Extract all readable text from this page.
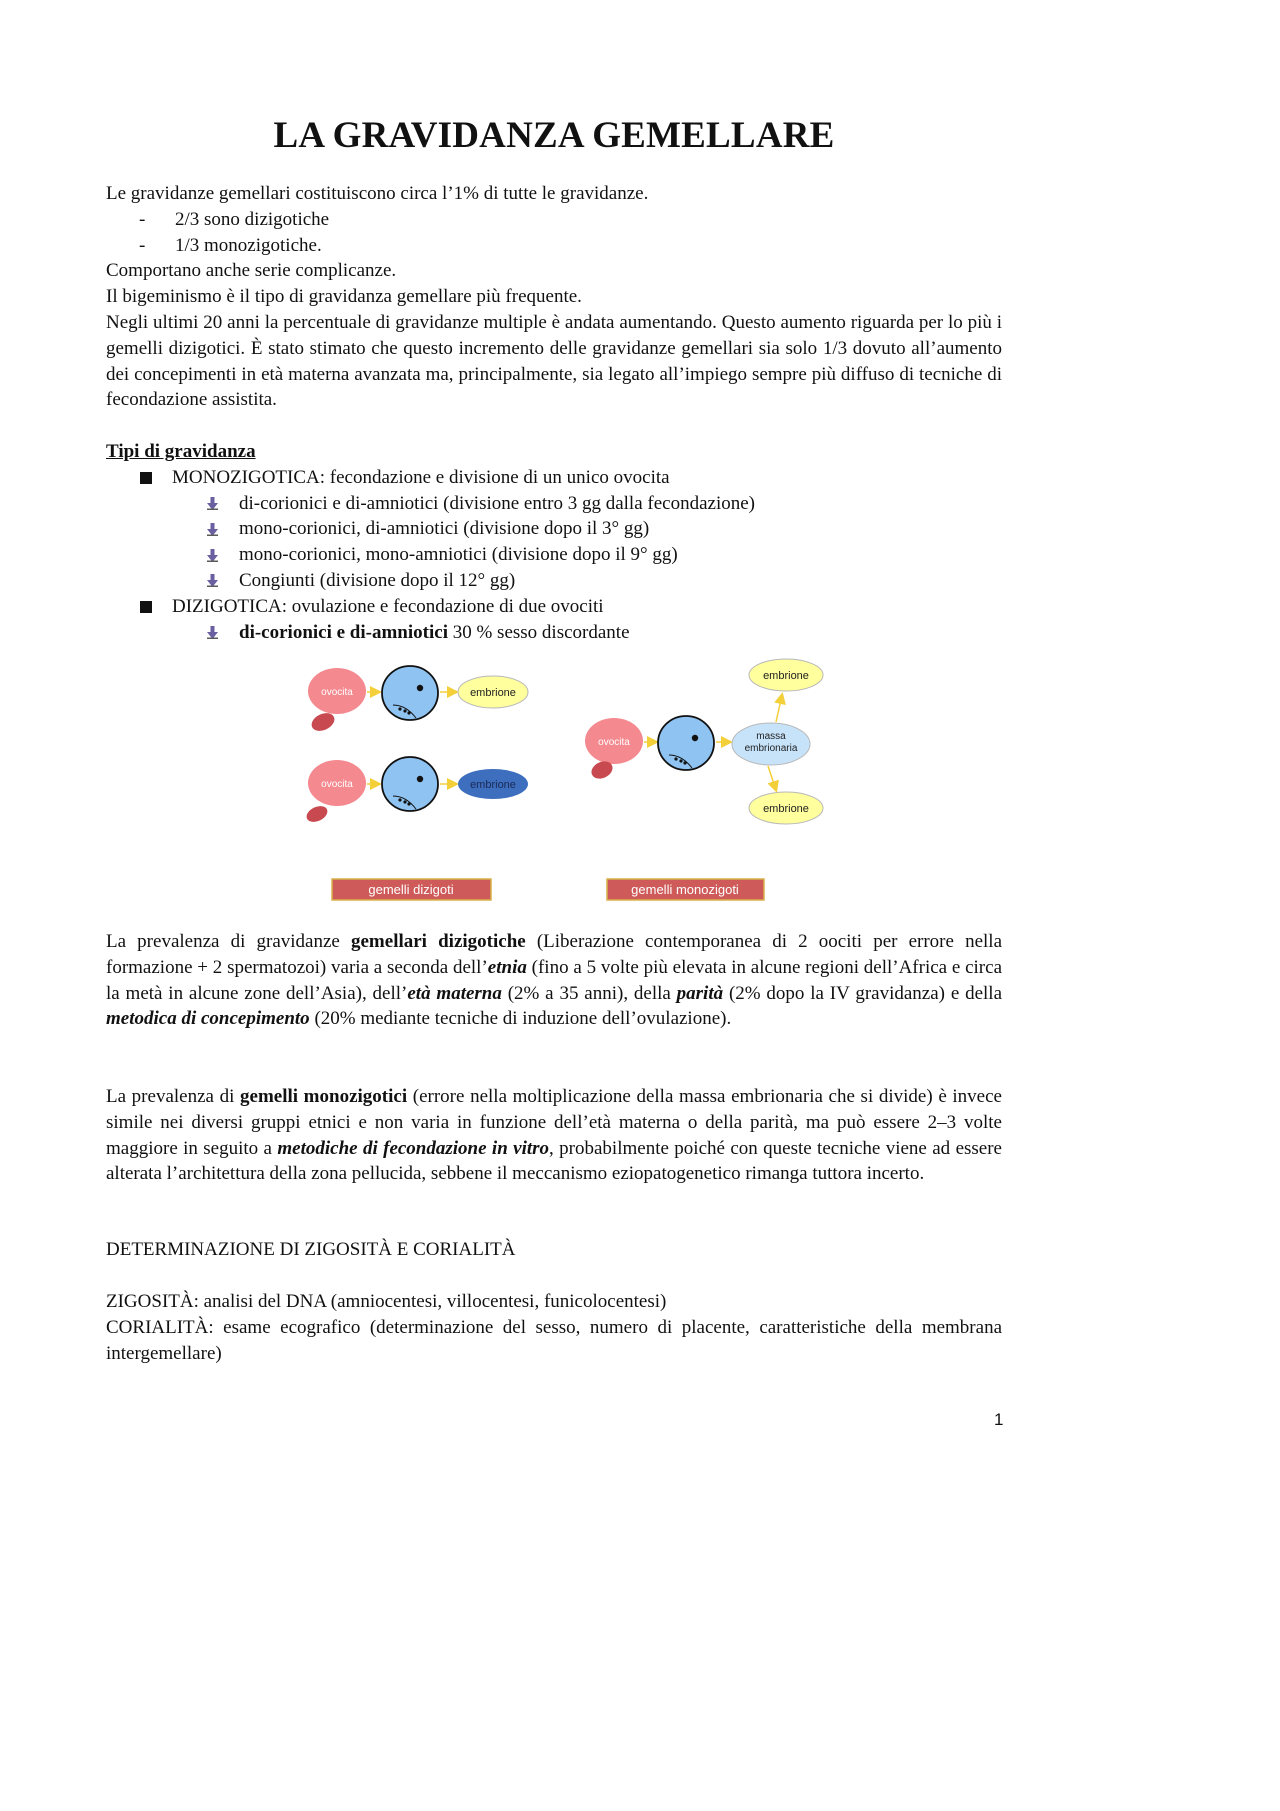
LA GRAVIDANZA GEMELLARE
Le gravidanze gemellari costituiscono circa l’1% di tutte le gravidanze.
-	2/3 sono dizigotiche
-	1/3 monozigotiche.
Comportano anche serie complicanze.
Il bigeminismo è il tipo di gravidanza gemellare più frequente.
Negli ultimi 20 anni la percentuale di gravidanze multiple è andata aumentando. Questo aumento riguarda per lo più i gemelli dizigotici. È stato stimato che questo incremento delle gravidanze gemellari sia solo 1/3 dovuto all’aumento dei concepimenti in età materna avanzata ma, principalmente, sia legato all’impiego sempre più diffuso di tecniche di fecondazione assistita.
Tipi di gravidanza
MONOZIGOTICA: fecondazione e divisione di un unico ovocita
di-corionici e di-amniotici (divisione entro 3 gg dalla fecondazione)
mono-corionici, di-amniotici (divisione dopo il 3° gg)
mono-corionici, mono-amniotici (divisione dopo il 9° gg)
Congiunti (divisione dopo il 12° gg)
DIZIGOTICA: ovulazione e fecondazione di due ovociti
di-corionici e di-amniotici 30 % sesso discordante
ovocita	embrione
ovocita	embrione
ovocita
massa
embrionaria
embrione
embrione
gemelli dizigoti	gemelli monozigoti
La prevalenza di gravidanze gemellari dizigotiche (Liberazione contemporanea di 2 oociti per errore nella formazione + 2 spermatozoi) varia a seconda dell’etnia (fino a 5 volte più elevata in alcune regioni dell’Africa e circa la metà in alcune zone dell’Asia), dell’età materna (2% a 35 anni), della parità (2% dopo la IV gravidanza) e della metodica di concepimento (20% mediante tecniche di induzione dell’ovulazione).
La prevalenza di gemelli monozigotici (errore nella moltiplicazione della massa embrionaria che si divide) è invece simile nei diversi gruppi etnici e non varia in funzione dell’età materna o della parità, ma può essere 2–3 volte maggiore in seguito a metodiche di fecondazione in vitro, probabilmente poiché con queste tecniche viene ad essere alterata l’architettura della zona pellucida, sebbene il meccanismo eziopatogenetico rimanga tuttora incerto.
DETERMINAZIONE DI ZIGOSITÀ E CORIALITÀ
ZIGOSITÀ: analisi del DNA (amniocentesi, villocentesi, funicolocentesi)
CORIALITÀ: esame ecografico (determinazione del sesso, numero di placente, caratteristiche della membrana intergemellare)
1
